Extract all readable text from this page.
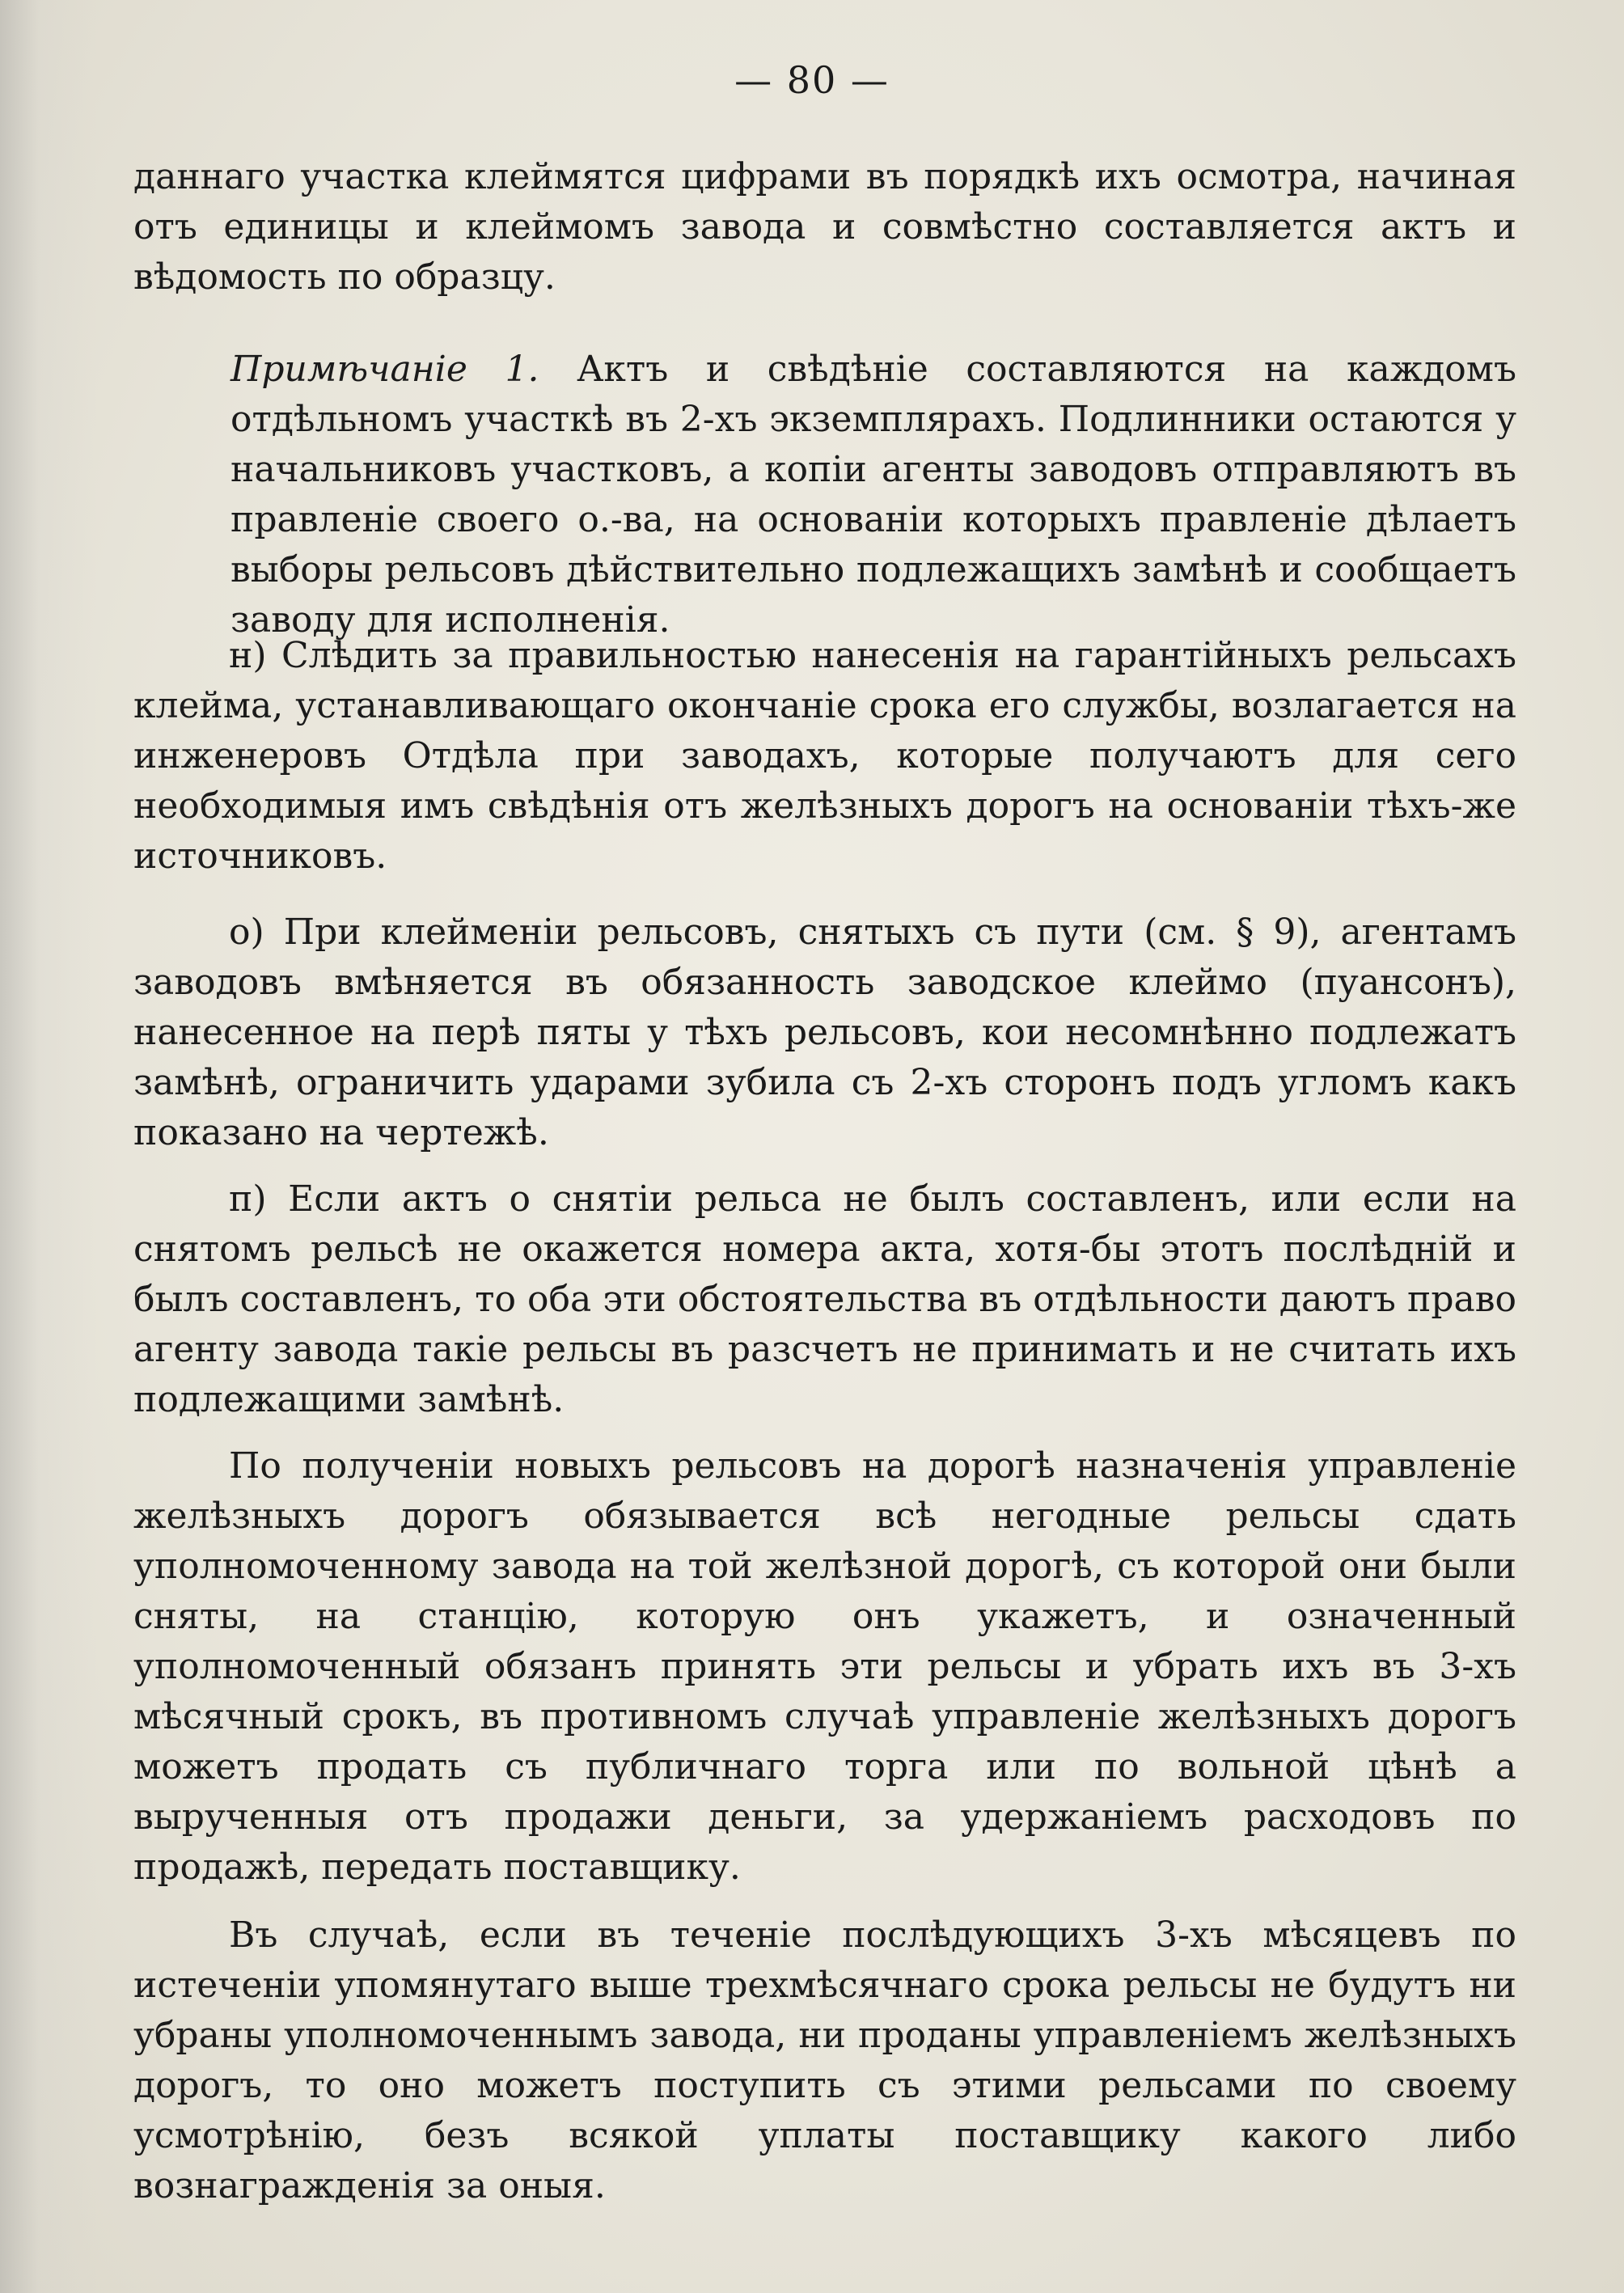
— 80 —

даннаго участка клеймятся цифрами въ порядкѣ ихъ осмотра, начиная отъ единицы и клеймомъ завода и совмѣстно составляется актъ и вѣдомость по образцу.

Примѣчаніе 1. Актъ и свѣдѣніе составляются на каждомъ отдѣльномъ участкѣ въ 2-хъ экземплярахъ. Подлинники остаются у начальниковъ участковъ, а копіи агенты заводовъ отправляютъ въ правленіе своего о.-ва, на основаніи которыхъ правленіе дѣлаетъ выборы рельсовъ дѣйствительно подлежащихъ замѣнѣ и сообщаетъ заводу для исполненія.

н) Слѣдить за правильностью нанесенія на гарантійныхъ рельсахъ клейма, устанавливающаго окончаніе срока его службы, возлагается на инженеровъ Отдѣла при заводахъ, которые получаютъ для сего необходимыя имъ свѣдѣнія отъ желѣзныхъ дорогъ на основаніи тѣхъ-же источниковъ.

о) При клейменіи рельсовъ, снятыхъ съ пути (см. § 9), агентамъ заводовъ вмѣняется въ обязанность заводское клеймо (пуансонъ), нанесенное на перѣ пяты у тѣхъ рельсовъ, кои несомнѣнно подлежатъ замѣнѣ, ограничить ударами зубила съ 2-хъ сторонъ подъ угломъ какъ показано на чертежѣ.

п) Если актъ о снятіи рельса не былъ составленъ, или если на снятомъ рельсѣ не окажется номера акта, хотя-бы этотъ послѣдній и былъ составленъ, то оба эти обстоятельства въ отдѣльности даютъ право агенту завода такіе рельсы въ разсчетъ не принимать и не считать ихъ подлежащими замѣнѣ.

По полученіи новыхъ рельсовъ на дорогѣ назначенія управленіе желѣзныхъ дорогъ обязывается всѣ негодные рельсы сдать уполномоченному завода на той желѣзной дорогѣ, съ которой они были сняты, на станцію, которую онъ укажетъ, и означенный уполномоченный обязанъ принять эти рельсы и убрать ихъ въ 3-хъ мѣсячный срокъ, въ противномъ случаѣ управленіе желѣзныхъ дорогъ можетъ продать съ публичнаго торга или по вольной цѣнѣ а вырученныя отъ продажи деньги, за удержаніемъ расходовъ по продажѣ, передать поставщику.

Въ случаѣ, если въ теченіе послѣдующихъ 3-хъ мѣсяцевъ по истеченіи упомянутаго выше трехмѣсячнаго срока рельсы не будутъ ни убраны уполномоченнымъ завода, ни проданы управленіемъ желѣзныхъ дорогъ, то оно можетъ поступить съ этими рельсами по своему усмотрѣнію, безъ всякой уплаты поставщику какого либо вознагражденія за оныя.
